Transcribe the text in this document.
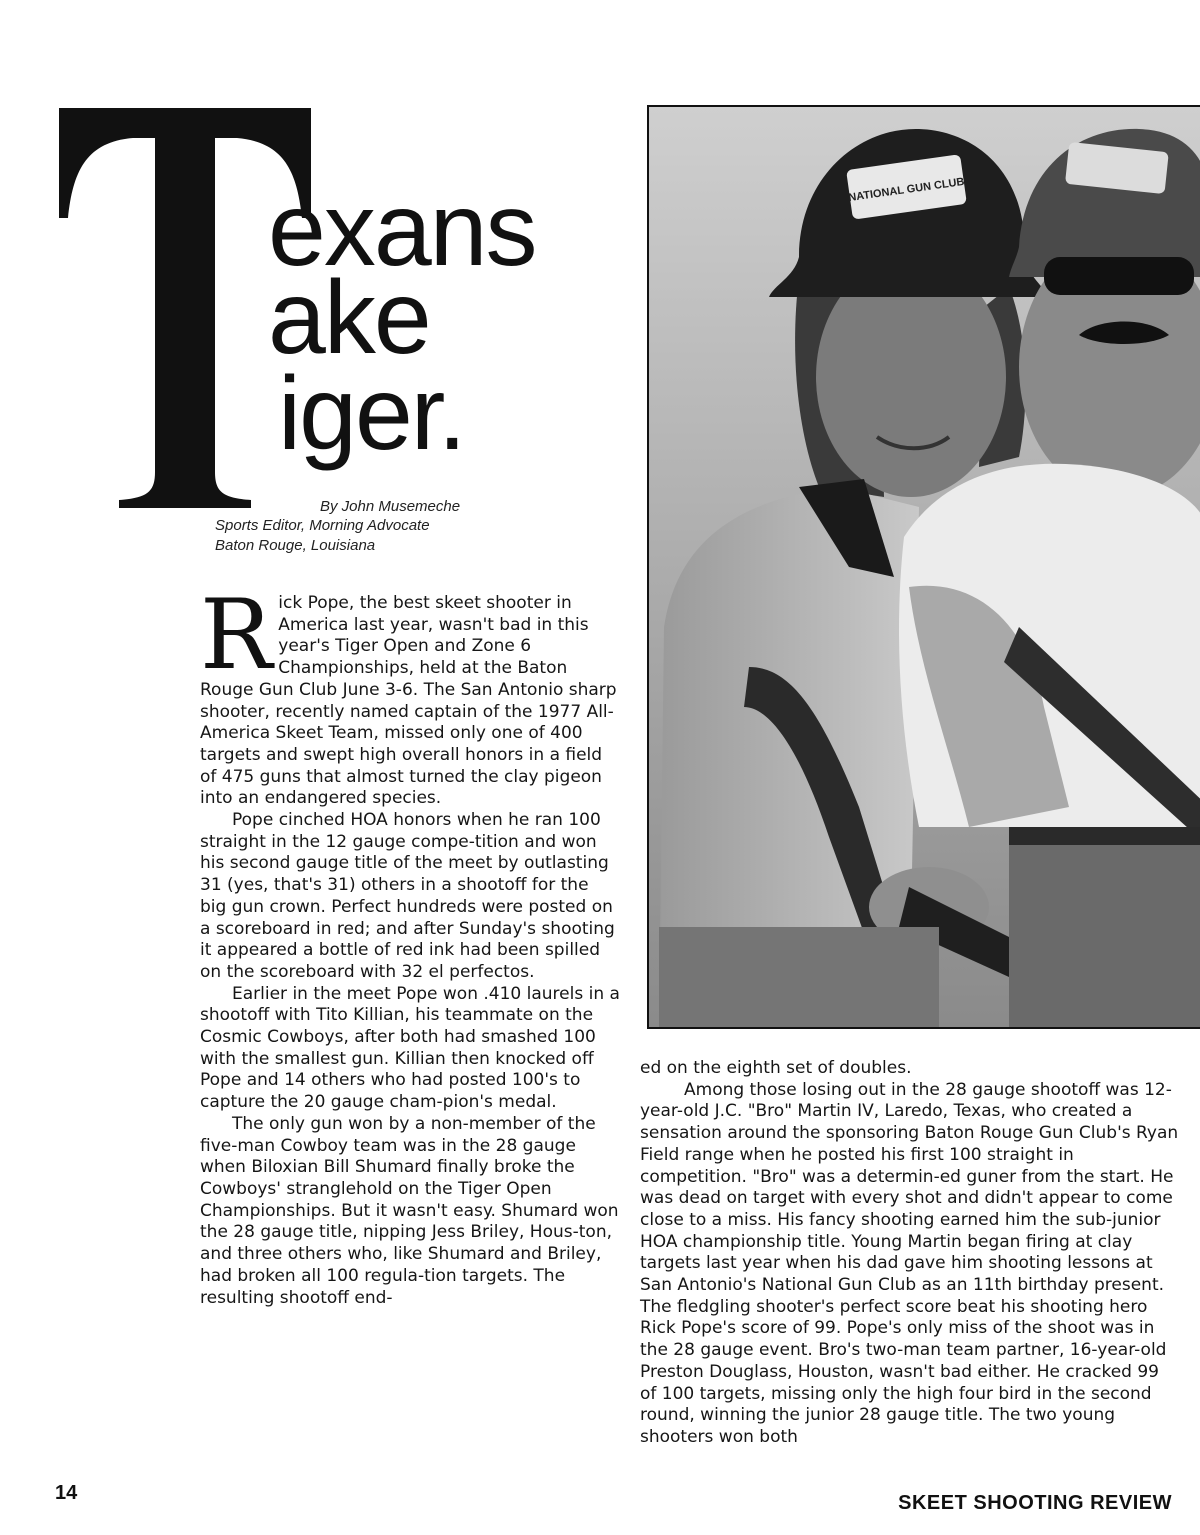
exans
ake
iger.
By John Musemeche
Sports Editor, Morning Advocate
Baton Rouge, Louisiana

Rick Pope, the best skeet shooter in America last year, wasn't bad in this year's Tiger Open and Zone 6 Championships, held at the Baton Rouge Gun Club June 3-6. The San Antonio sharp shooter, recently named captain of the 1977 All-America Skeet Team, missed only one of 400 targets and swept high overall honors in a field of 475 guns that almost turned the clay pigeon into an endangered species.

Pope cinched HOA honors when he ran 100 straight in the 12 gauge compe-tition and won his second gauge title of the meet by outlasting 31 (yes, that's 31) others in a shootoff for the big gun crown. Perfect hundreds were posted on a scoreboard in red; and after Sunday's shooting it appeared a bottle of red ink had been spilled on the scoreboard with 32 el perfectos.

Earlier in the meet Pope won .410 laurels in a shootoff with Tito Killian, his teammate on the Cosmic Cowboys, after both had smashed 100 with the smallest gun. Killian then knocked off Pope and 14 others who had posted 100's to capture the 20 gauge cham-pion's medal.

The only gun won by a non-member of the five-man Cowboy team was in the 28 gauge when Biloxian Bill Shumard finally broke the Cowboys' stranglehold on the Tiger Open Championships. But it wasn't easy. Shumard won the 28 gauge title, nipping Jess Briley, Hous-ton, and three others who, like Shumard and Briley, had broken all 100 regula-tion targets. The resulting shootoff end-

NATIONAL GUN CLUB

ed on the eighth set of doubles.

Among those losing out in the 28 gauge shootoff was 12-year-old J.C. "Bro" Martin IV, Laredo, Texas, who created a sensation around the sponsoring Baton Rouge Gun Club's Ryan Field range when he posted his first 100 straight in competition. "Bro" was a determin-ed guner from the start. He was dead on target with every shot and didn't appear to come close to a miss. His fancy shooting earned him the sub-junior HOA championship title. Young Martin began firing at clay targets last year when his dad gave him shooting lessons at San Antonio's National Gun Club as an 11th birthday present. The fledgling shooter's perfect score beat his shooting hero Rick Pope's score of 99. Pope's only miss of the shoot was in the 28 gauge event. Bro's two-man team partner, 16-year-old Preston Douglass, Houston, wasn't bad either. He cracked 99 of 100 targets, missing only the high four bird in the second round, winning the junior 28 gauge title. The two young shooters won both

14	SKEET SHOOTING REVIEW
